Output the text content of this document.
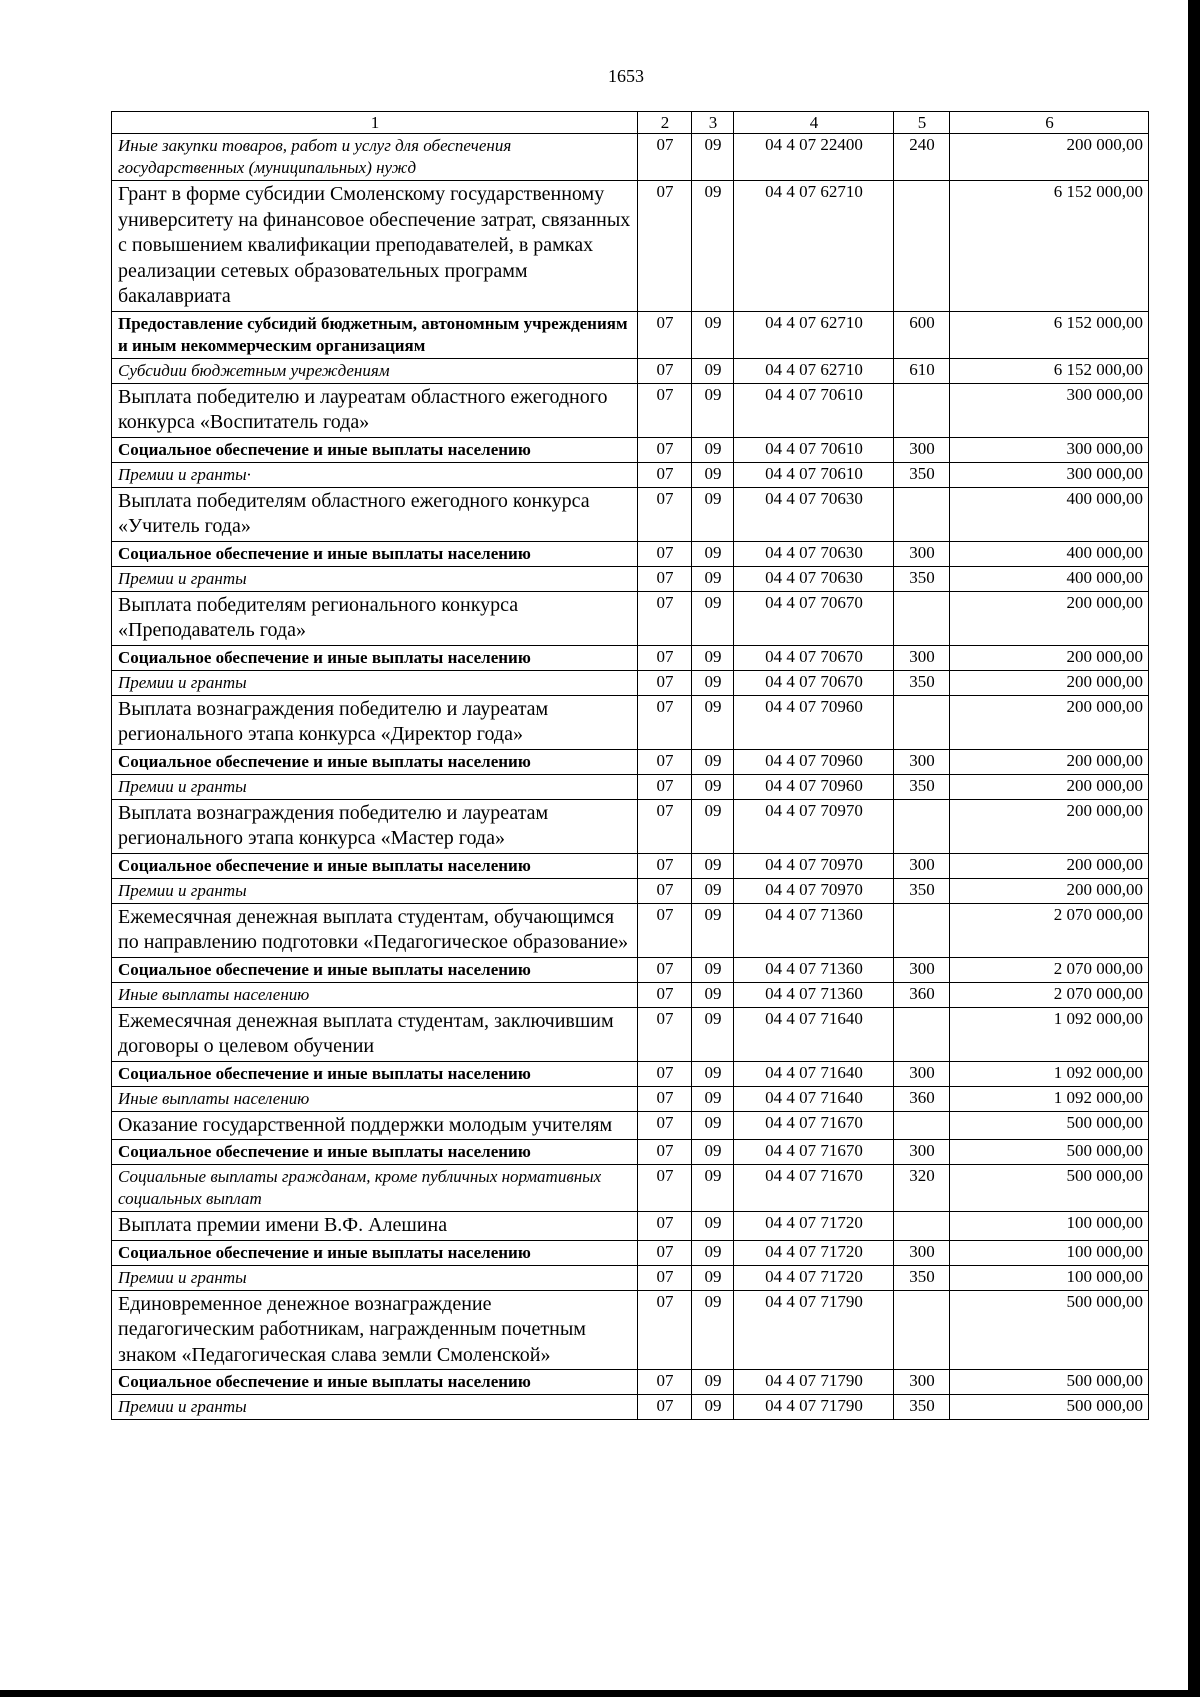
1653
1	2	3	4	5	6
Иные закупки товаров, работ и услуг для обеспечения государственных (муниципальных) нужд	07	09	04 4 07 22400	240	200 000,00
Грант в форме субсидии Смоленскому государственному университету на финансовое обеспечение затрат, связанных с повышением квалификации преподавателей, в рамках реализации сетевых образовательных программ бакалавриата	07	09	04 4 07 62710		6 152 000,00
Предоставление субсидий бюджетным, автономным учреждениям и иным некоммерческим организациям	07	09	04 4 07 62710	600	6 152 000,00
Субсидии бюджетным учреждениям	07	09	04 4 07 62710	610	6 152 000,00
Выплата победителю и лауреатам областного ежегодного конкурса «Воспитатель года»	07	09	04 4 07 70610		300 000,00
Социальное обеспечение и иные выплаты населению	07	09	04 4 07 70610	300	300 000,00
Премии и гранты·	07	09	04 4 07 70610	350	300 000,00
Выплата победителям областного ежегодного конкурса «Учитель года»	07	09	04 4 07 70630		400 000,00
Социальное обеспечение и иные выплаты населению	07	09	04 4 07 70630	300	400 000,00
Премии и гранты	07	09	04 4 07 70630	350	400 000,00
Выплата победителям регионального конкурса «Преподаватель года»	07	09	04 4 07 70670		200 000,00
Социальное обеспечение и иные выплаты населению	07	09	04 4 07 70670	300	200 000,00
Премии и гранты	07	09	04 4 07 70670	350	200 000,00
Выплата вознаграждения победителю и лауреатам регионального этапа конкурса «Директор года»	07	09	04 4 07 70960		200 000,00
Социальное обеспечение и иные выплаты населению	07	09	04 4 07 70960	300	200 000,00
Премии и гранты	07	09	04 4 07 70960	350	200 000,00
Выплата вознаграждения победителю и лауреатам регионального этапа конкурса «Мастер года»	07	09	04 4 07 70970		200 000,00
Социальное обеспечение и иные выплаты населению	07	09	04 4 07 70970	300	200 000,00
Премии и гранты	07	09	04 4 07 70970	350	200 000,00
Ежемесячная денежная выплата студентам, обучающимся по направлению подготовки «Педагогическое образование»	07	09	04 4 07 71360		2 070 000,00
Социальное обеспечение и иные выплаты населению	07	09	04 4 07 71360	300	2 070 000,00
Иные выплаты населению	07	09	04 4 07 71360	360	2 070 000,00
Ежемесячная денежная выплата студентам, заключившим договоры о целевом обучении	07	09	04 4 07 71640		1 092 000,00
Социальное обеспечение и иные выплаты населению	07	09	04 4 07 71640	300	1 092 000,00
Иные выплаты населению	07	09	04 4 07 71640	360	1 092 000,00
Оказание государственной поддержки молодым учителям	07	09	04 4 07 71670		500 000,00
Социальное обеспечение и иные выплаты населению	07	09	04 4 07 71670	300	500 000,00
Социальные выплаты гражданам, кроме публичных нормативных социальных выплат	07	09	04 4 07 71670	320	500 000,00
Выплата премии имени В.Ф. Алешина	07	09	04 4 07 71720		100 000,00
Социальное обеспечение и иные выплаты населению	07	09	04 4 07 71720	300	100 000,00
Премии и гранты	07	09	04 4 07 71720	350	100 000,00
Единовременное денежное вознаграждение педагогическим работникам, награжденным почетным знаком «Педагогическая слава земли Смоленской»	07	09	04 4 07 71790		500 000,00
Социальное обеспечение и иные выплаты населению	07	09	04 4 07 71790	300	500 000,00
Премии и гранты	07	09	04 4 07 71790	350	500 000,00
